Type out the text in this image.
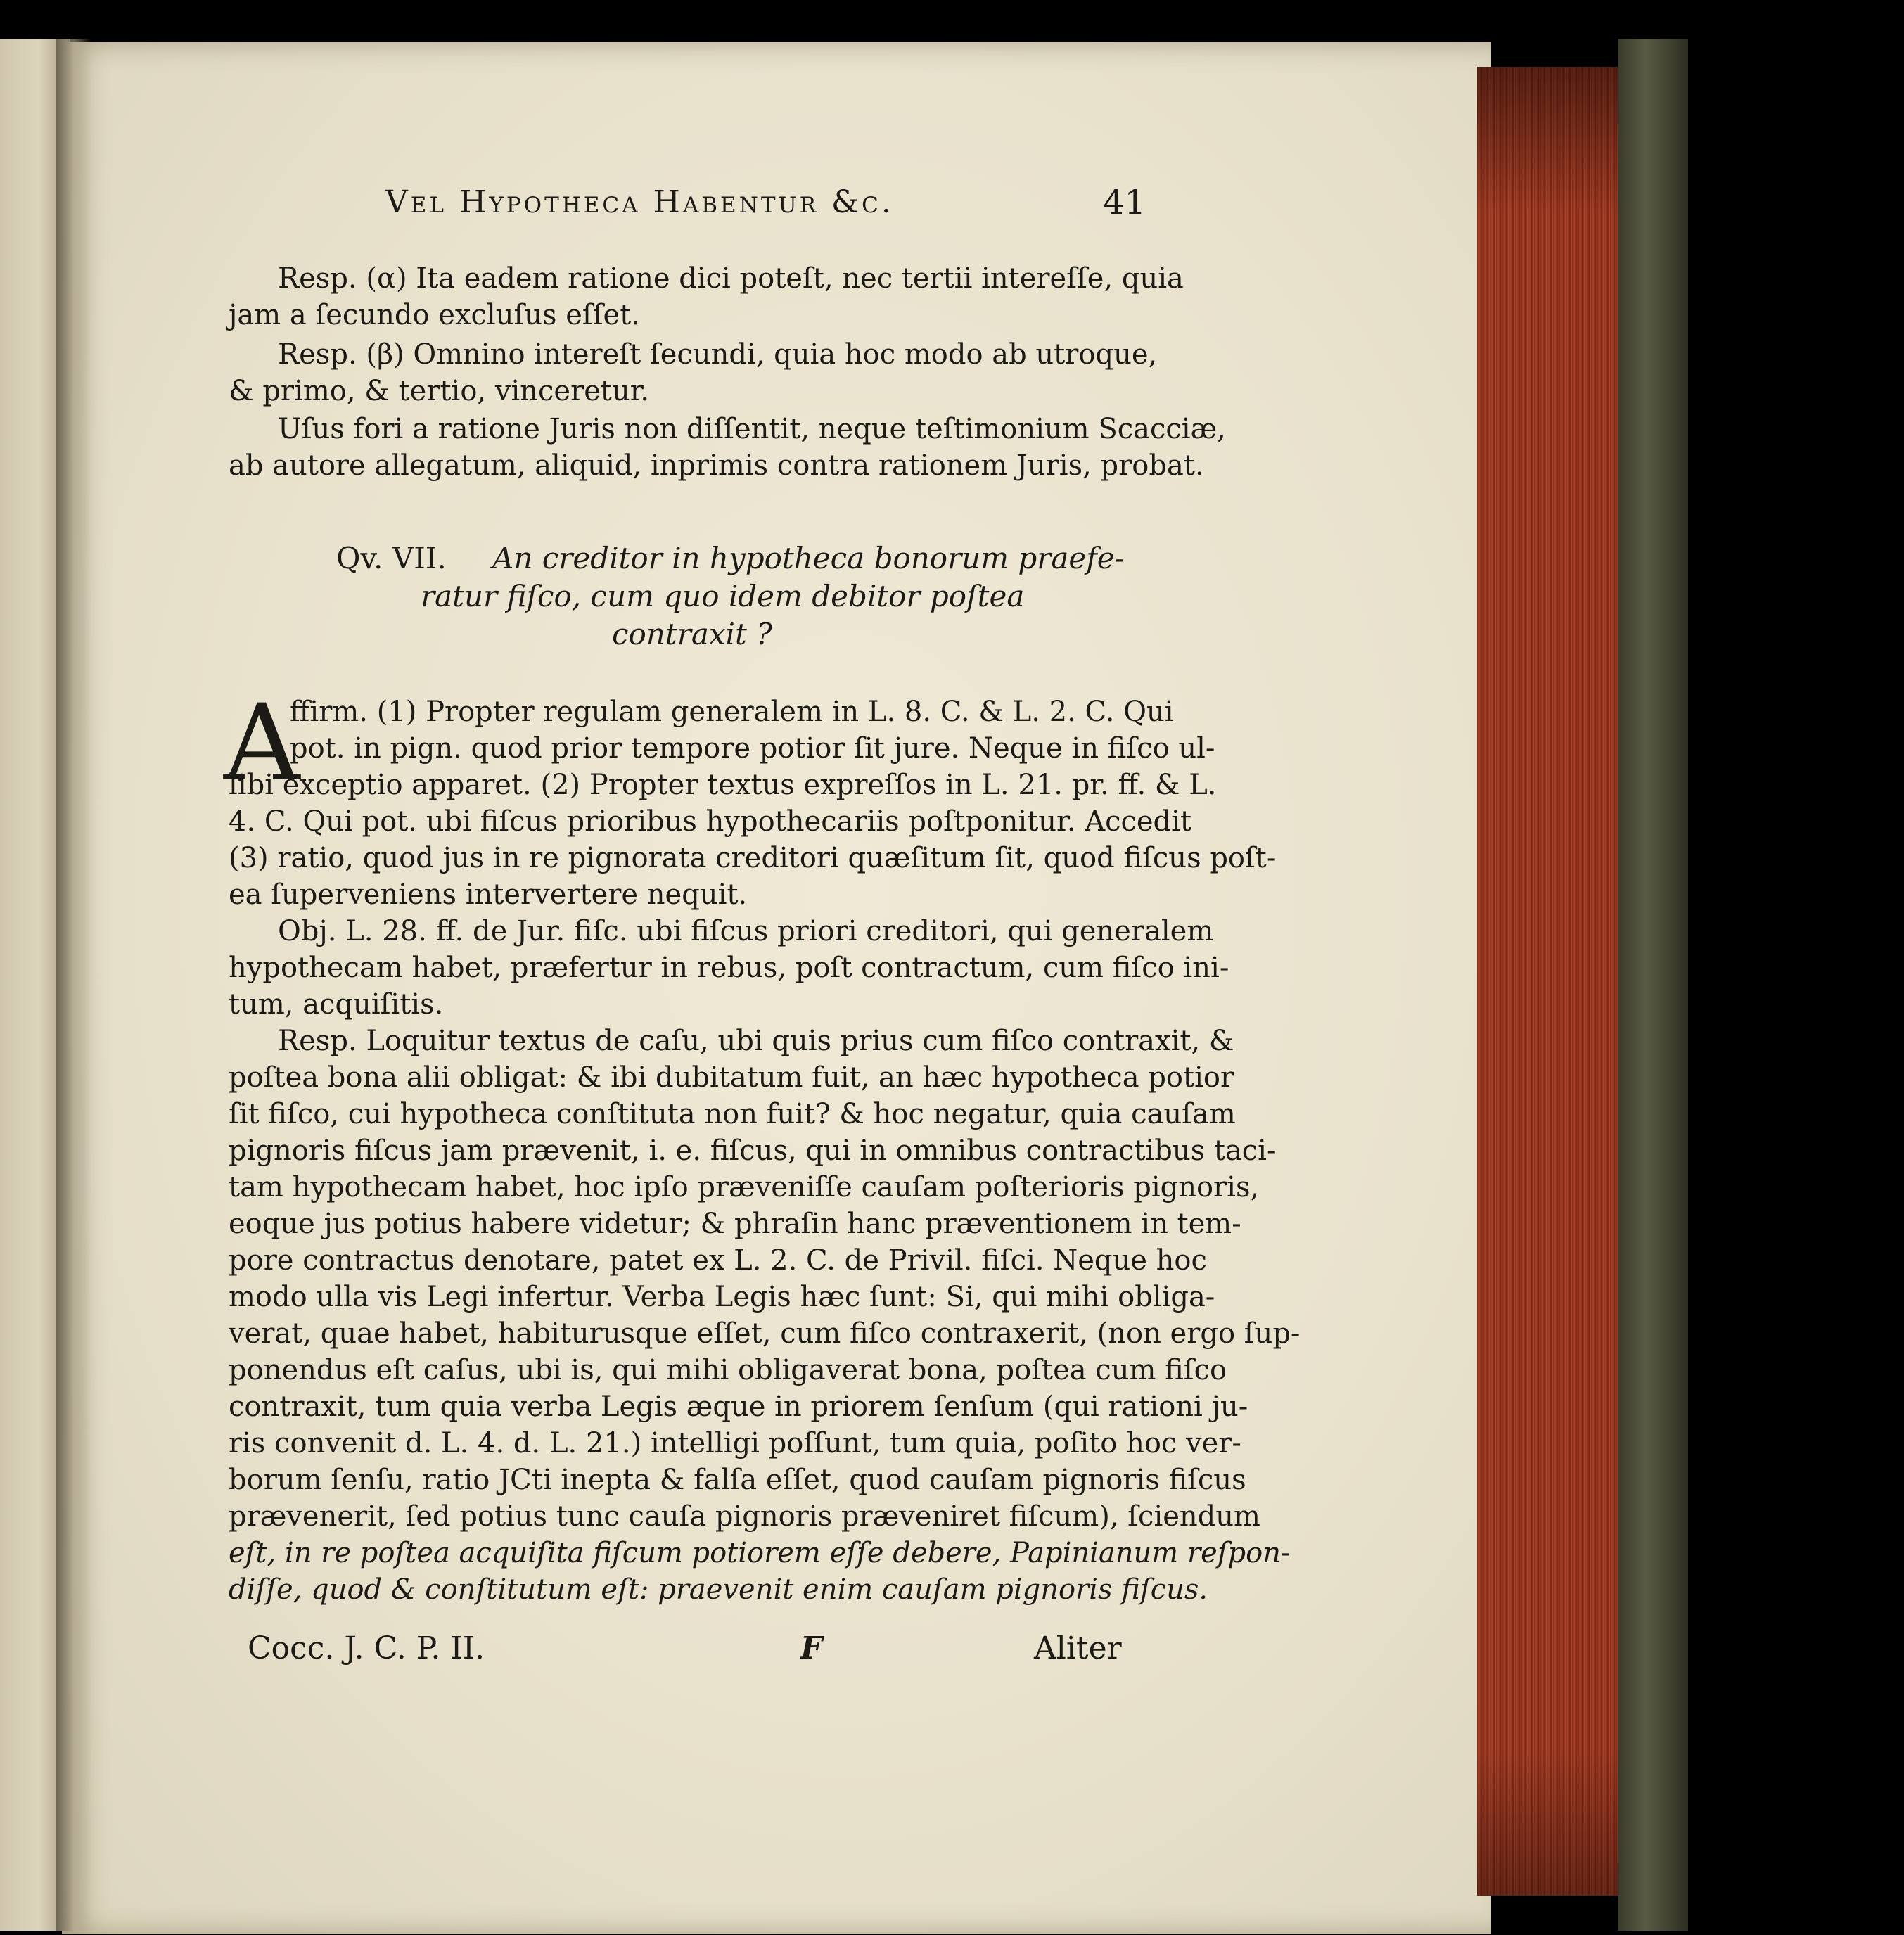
Vel Hypotheca Habentur &c.	41
Resp. (α) Ita eadem ratione dici poteſt, nec tertii intereſſe, quia
jam a ſecundo excluſus eſſet.
Resp. (β) Omnino intereſt ſecundi, quia hoc modo ab utroque,
& primo, & tertio, vinceretur.
Uſus fori a ratione Juris non diſſentit, neque teſtimonium Scacciæ,
ab autore allegatum, aliquid, inprimis contra rationem Juris, probat.
Qv. VII. An creditor in hypotheca bonorum praefe-
ratur fiſco, cum quo idem debitor poſtea
contraxit ?
A
ffirm. (1) Propter regulam generalem in L. 8. C. & L. 2. C. Qui
pot. in pign. quod prior tempore potior ſit jure. Neque in fiſco ul-
libi exceptio apparet. (2) Propter textus expreſſos in L. 21. pr. ff. & L.
4. C. Qui pot. ubi fiſcus prioribus hypothecariis poſtponitur. Accedit
(3) ratio, quod jus in re pignorata creditori quæſitum ſit, quod fiſcus poſt-
ea ſuperveniens intervertere nequit.
Obj. L. 28. ff. de Jur. fiſc. ubi fiſcus priori creditori, qui generalem
hypothecam habet, præfertur in rebus, poſt contractum, cum fiſco ini-
tum, acquiſitis.
Resp. Loquitur textus de caſu, ubi quis prius cum fiſco contraxit, &
poſtea bona alii obligat: & ibi dubitatum fuit, an hæc hypotheca potior
ſit fiſco, cui hypotheca conſtituta non fuit? & hoc negatur, quia cauſam
pignoris fiſcus jam prævenit, i. e. fiſcus, qui in omnibus contractibus taci-
tam hypothecam habet, hoc ipſo præveniſſe cauſam poſterioris pignoris,
eoque jus potius habere videtur; & phraſin hanc præventionem in tem-
pore contractus denotare, patet ex L. 2. C. de Privil. fiſci. Neque hoc
modo ulla vis Legi infertur. Verba Legis hæc ſunt: Si, qui mihi obliga-
verat, quae habet, habiturusque eſſet, cum fiſco contraxerit, (non ergo ſup-
ponendus eſt caſus, ubi is, qui mihi obligaverat bona, poſtea cum fiſco
contraxit, tum quia verba Legis æque in priorem ſenſum (qui rationi ju-
ris convenit d. L. 4. d. L. 21.) intelligi poſſunt, tum quia, poſito hoc ver-
borum ſenſu, ratio JCti inepta & falſa eſſet, quod cauſam pignoris fiſcus
prævenerit, ſed potius tunc cauſa pignoris præveniret fiſcum), ſciendum
eſt, in re poſtea acquiſita fiſcum potiorem eſſe debere, Papinianum reſpon-
diſſe, quod & conſtitutum eſt: praevenit enim cauſam pignoris fiſcus.
Cocc. J. C. P. II.	F	Aliter
